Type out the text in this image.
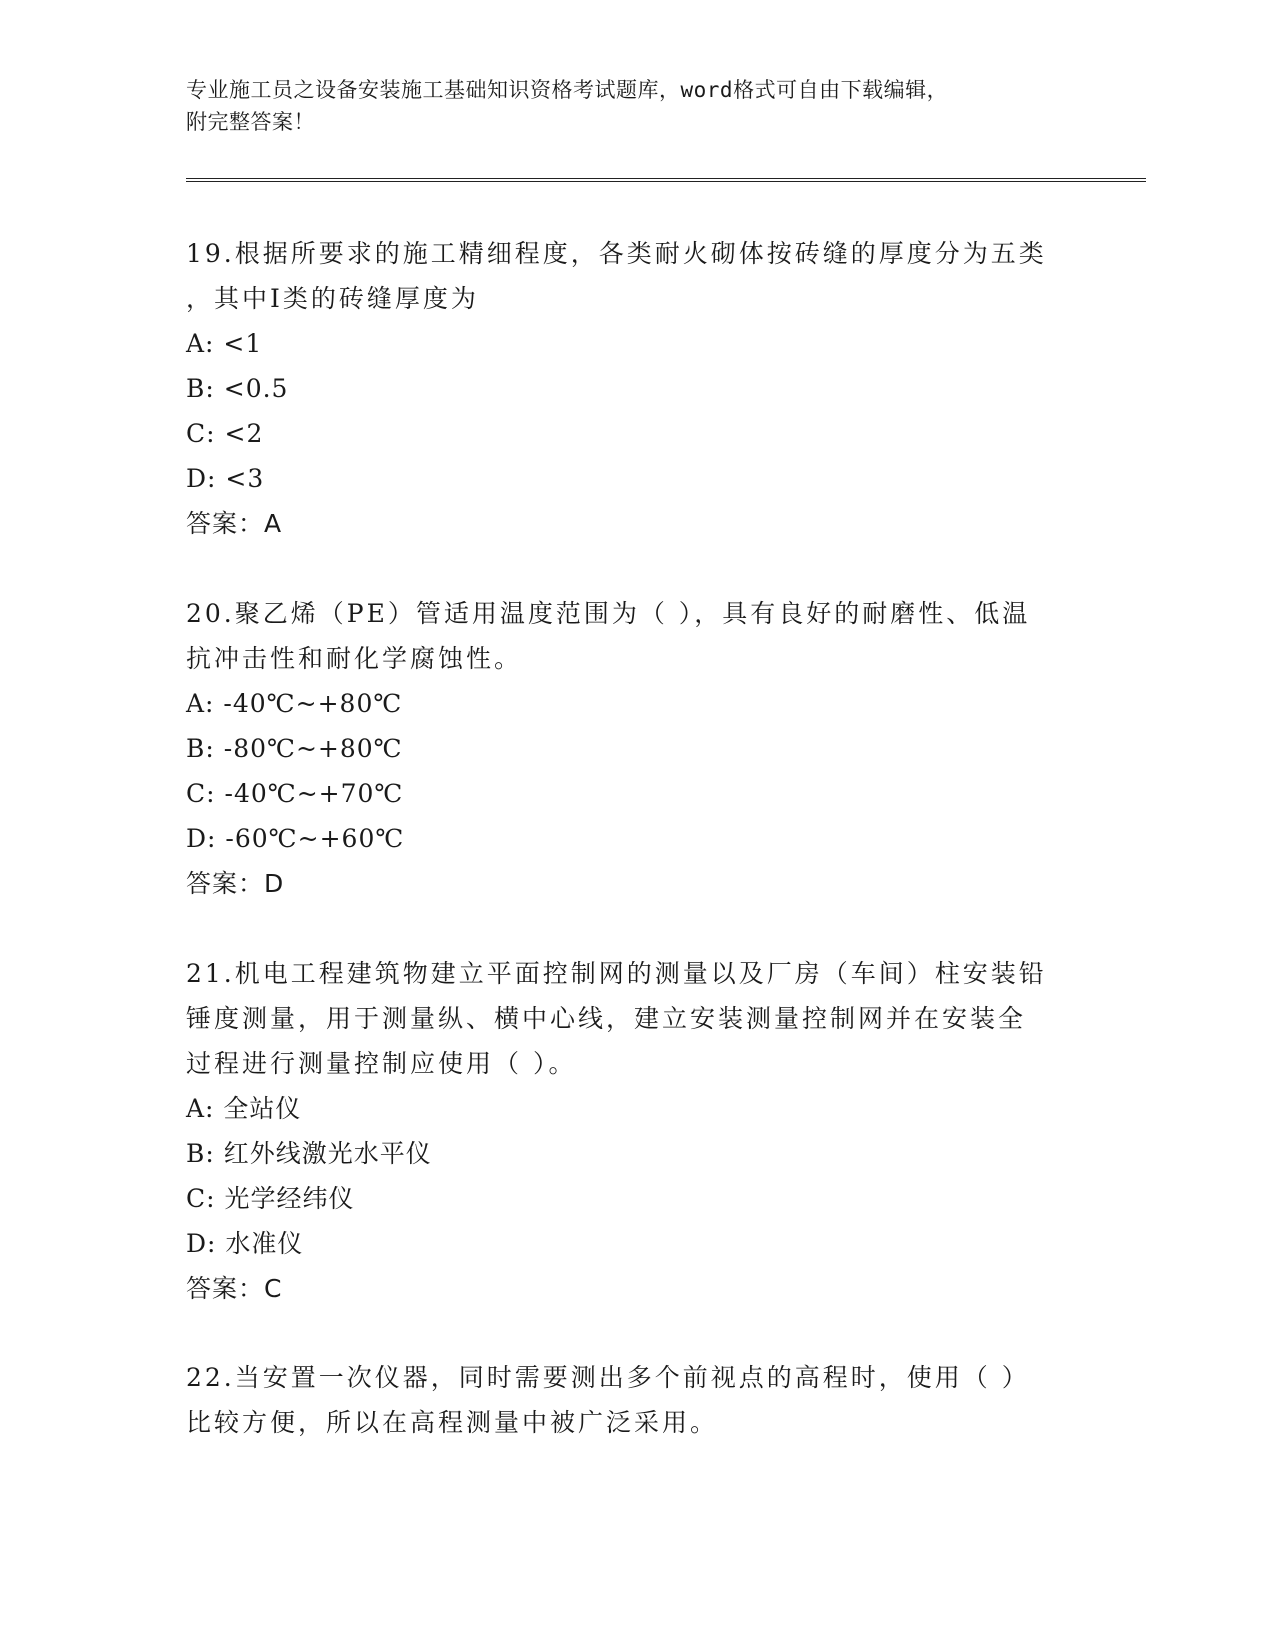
专业施工员之设备安装施工基础知识资格考试题库，word格式可自由下载编辑，
附完整答案！

19.根据所要求的施工精细程度，各类耐火砌体按砖缝的厚度分为五类
，其中Ⅰ类的砖缝厚度为

A: <1

B: <0.5

C: <2

D: <3

答案：A

20.聚乙烯（PE）管适用温度范围为（ ），具有良好的耐磨性、低温
抗冲击性和耐化学腐蚀性。

A: -40℃~+80℃

B: -80℃~+80℃

C: -40℃~+70℃

D: -60℃~+60℃

答案：D

21.机电工程建筑物建立平面控制网的测量以及厂房（车间）柱安装铅
锤度测量，用于测量纵、横中心线，建立安装测量控制网并在安装全
过程进行测量控制应使用（ ）。

A: 全站仪

B: 红外线激光水平仪

C: 光学经纬仪

D: 水准仪

答案：C

22.当安置一次仪器，同时需要测出多个前视点的高程时，使用（ ）
比较方便，所以在高程测量中被广泛采用。
